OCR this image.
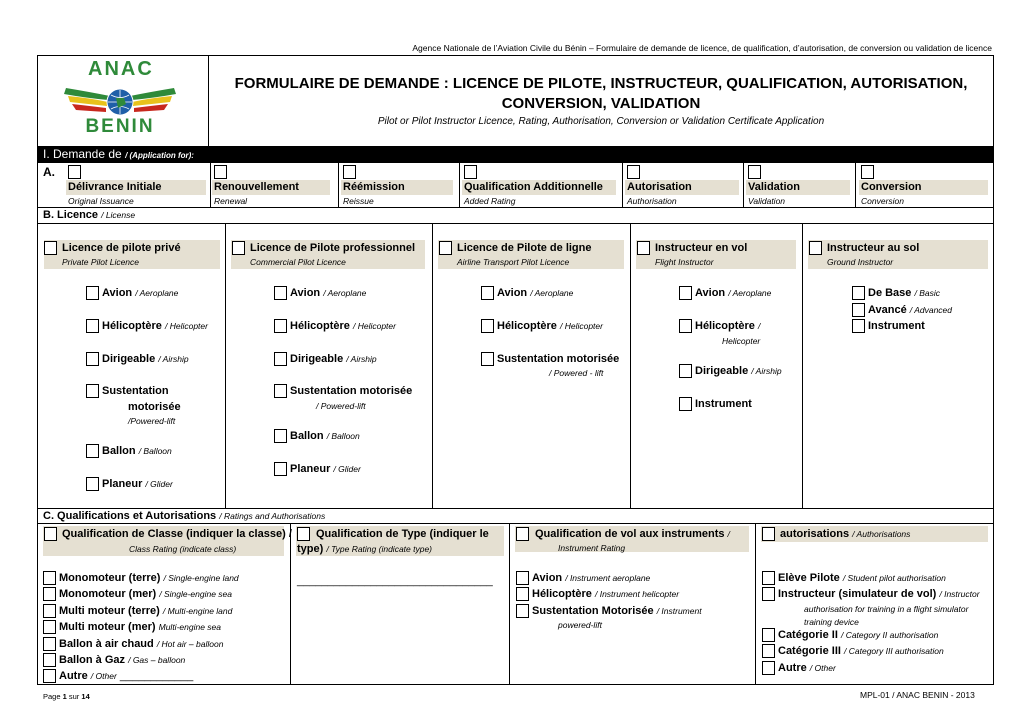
Agence Nationale de l’Aviation Civile du Bénin – Formulaire de demande de licence, de qualification, d’autorisation, de conversion ou validation de licence
ANAC
BENIN
FORMULAIRE DE DEMANDE : LICENCE DE PILOTE, INSTRUCTEUR, QUALIFICATION, AUTORISATION,
CONVERSION, VALIDATION
Pilot or Pilot Instructor Licence, Rating, Authorisation, Conversion or Validation Certificate Application
I. Demande de / (Application for):
A.
Délivrance Initiale
Original Issuance
Renouvellement
Renewal
Réémission
Reissue
Qualification Additionnelle
Added Rating
Autorisation
Authorisation
Validation
Validation
Conversion
Conversion
B. Licence / License
Licence de pilote privé
Private Pilot Licence
Licence de Pilote professionnel
Commercial Pilot Licence
Licence de Pilote de ligne
Airline Transport Pilot Licence
Instructeur en vol
Flight Instructor
Instructeur au sol
Ground Instructor
Avion / Aeroplane
Hélicoptère / Helicopter
Dirigeable / Airship
Sustentation
motorisée
/Powered-lift
Ballon / Balloon
Planeur / Glider
Avion / Aeroplane
Hélicoptère / Helicopter
Dirigeable / Airship
Sustentation motorisée
/ Powered-lift
Ballon / Balloon
Planeur / Glider
Avion / Aeroplane
Hélicoptère / Helicopter
Sustentation motorisée
/ Powered - lift
Avion / Aeroplane
Hélicoptère /
Helicopter
Dirigeable / Airship
Instrument
De Base / Basic
Avancé / Advanced
Instrument
C. Qualifications et Autorisations / Ratings and Authorisations
Qualification de Classe (indiquer la classe) /
Class Rating (indicate class)
Monomoteur (terre) / Single-engine land
Monomoteur (mer) / Single-engine sea
Multi moteur (terre) / Multi-engine land
Multi moteur (mer) Multi-engine sea
Ballon à air chaud / Hot air – balloon
Ballon à Gaz / Gas – balloon
Autre / Other ____________
Qualification de Type (indiquer le
type) / Type Rating (indicate type)
________________________________
Qualification de vol aux instruments /
Instrument Rating
Avion / Instrument aeroplane
Hélicoptère / Instrument helicopter
Sustentation Motorisée / Instrument
powered-lift
autorisations / Authorisations
Elève Pilote / Student pilot authorisation
Instructeur (simulateur de vol) / Instructor
authorisation for training in a flight simulator
training device
Catégorie II / Category II authorisation
Catégorie III / Category III authorisation
Autre / Other
Page 1 sur 14	MPL-01 / ANAC BENIN - 2013
